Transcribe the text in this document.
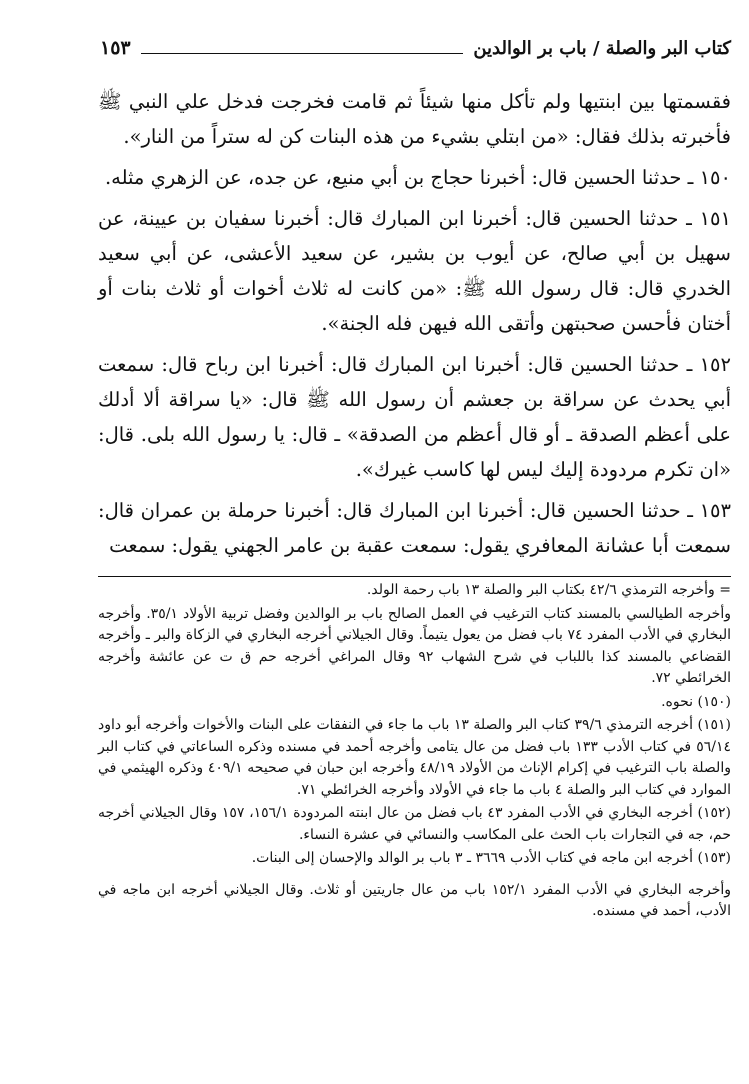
كتاب البر والصلة / باب بر الوالدين
١٥٣

فقسمتها بين ابنتيها ولم تأكل منها شيئاً ثم قامت فخرجت فدخل علي النبي ﷺ فأخبرته بذلك فقال: «من ابتلي بشيء من هذه البنات كن له ستراً من النار».

١٥٠ ـ حدثنا الحسين قال: أخبرنا حجاج بن أبي منيع، عن جده، عن الزهري مثله.

١٥١ ـ حدثنا الحسين قال: أخبرنا ابن المبارك قال: أخبرنا سفيان بن عيينة، عن سهيل بن أبي صالح، عن أيوب بن بشير، عن سعيد الأعشى، عن أبي سعيد الخدري قال: قال رسول الله ﷺ: «من كانت له ثلاث أخوات أو ثلاث بنات أو أختان فأحسن صحبتهن وأتقى الله فيهن فله الجنة».

١٥٢ ـ حدثنا الحسين قال: أخبرنا ابن المبارك قال: أخبرنا ابن رباح قال: سمعت أبي يحدث عن سراقة بن جعشم أن رسول الله ﷺ قال: «يا سراقة ألا أدلك على أعظم الصدقة ـ أو قال أعظم من الصدقة» ـ قال: يا رسول الله بلى. قال: «ان تكرم مردودة إليك ليس لها كاسب غيرك».

١٥٣ ـ حدثنا الحسين قال: أخبرنا ابن المبارك قال: أخبرنا حرملة بن عمران قال: سمعت أبا عشانة المعافري يقول: سمعت عقبة بن عامر الجهني يقول: سمعت

= وأخرجه الترمذي ٤٢/٦ بكتاب البر والصلة ١٣ باب رحمة الولد.

وأخرجه الطيالسي بالمسند كتاب الترغيب في العمل الصالح باب بر الوالدين وفضل تربية الأولاد ٣٥/١. وأخرجه البخاري في الأدب المفرد ٧٤ باب فضل من يعول يتيماً. وقال الجيلاني أخرجه البخاري في الزكاة والبر ـ وأخرجه القضاعي بالمسند كذا باللباب في شرح الشهاب ٩٢ وقال المراغي أخرجه حم ق ت عن عائشة وأخرجه الخرائطي ٧٢.

(١٥٠) نحوه.

(١٥١) أخرجه الترمذي ٣٩/٦ كتاب البر والصلة ١٣ باب ما جاء في النفقات على البنات والأخوات وأخرجه أبو داود ٥٦/١٤ في كتاب الأدب ١٣٣ باب فضل من عال يتامى وأخرجه أحمد في مسنده وذكره الساعاتي في كتاب البر والصلة باب الترغيب في إكرام الإناث من الأولاد ٤٨/١٩ وأخرجه ابن حبان في صحيحه ٤٠٩/١ وذكره الهيثمي في الموارد في كتاب البر والصلة ٤ باب ما جاء في الأولاد وأخرجه الخرائطي ٧١.

(١٥٢) أخرجه البخاري في الأدب المفرد ٤٣ باب فضل من عال ابنته المردودة ١٥٦/١، ١٥٧ وقال الجيلاني أخرجه حم، جه في التجارات باب الحث على المكاسب والنسائي في عشرة النساء.

(١٥٣) أخرجه ابن ماجه في كتاب الأدب ٣٦٦٩ ـ ٣ باب بر الوالد والإحسان إلى البنات.

وأخرجه البخاري في الأدب المفرد ١٥٢/١ باب من عال جاريتين أو ثلاث. وقال الجيلاني أخرجه ابن ماجه في الأدب، أحمد في مسنده.
